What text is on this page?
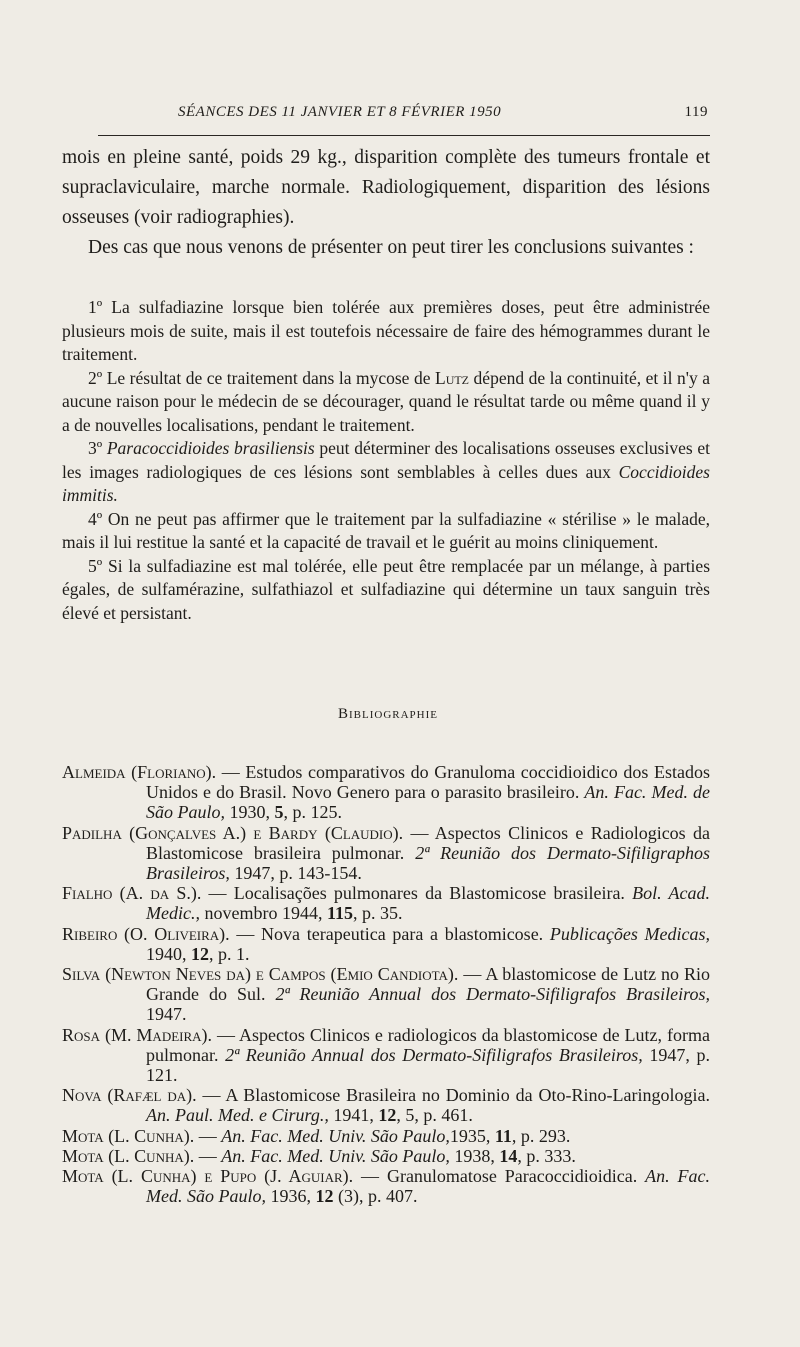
SÉANCES DES 11 JANVIER ET 8 FÉVRIER 1950	119

mois en pleine santé, poids 29 kg., disparition complète des tumeurs frontale et supraclaviculaire, marche normale. Radiologiquement, disparition des lésions osseuses (voir radiographies).

Des cas que nous venons de présenter on peut tirer les conclusions suivantes :

1º La sulfadiazine lorsque bien tolérée aux premières doses, peut être administrée plusieurs mois de suite, mais il est toutefois nécessaire de faire des hémogrammes durant le traitement.

2º Le résultat de ce traitement dans la mycose de Lutz dépend de la continuité, et il n'y a aucune raison pour le médecin de se décourager, quand le résultat tarde ou même quand il y a de nouvelles localisations, pendant le traitement.

3º Paracoccidioides brasiliensis peut déterminer des localisations osseuses exclusives et les images radiologiques de ces lésions sont semblables à celles dues aux Coccidioides immitis.

4º On ne peut pas affirmer que le traitement par la sulfadiazine « stérilise » le malade, mais il lui restitue la santé et la capacité de travail et le guérit au moins cliniquement.

5º Si la sulfadiazine est mal tolérée, elle peut être remplacée par un mélange, à parties égales, de sulfamérazine, sulfathiazol et sulfadiazine qui détermine un taux sanguin très élevé et persistant.

Bibliographie

Almeida (Floriano). — Estudos comparativos do Granuloma coccidioidico dos Estados Unidos e do Brasil. Novo Genero para o parasito brasileiro. An. Fac. Med. de São Paulo, 1930, 5, p. 125.

Padilha (Gonçalves A.) e Bardy (Claudio). — Aspectos Clinicos e Radiologicos da Blastomicose brasileira pulmonar. 2ª Reunião dos Dermato-Sifiligraphos Brasileiros, 1947, p. 143-154.

Fialho (A. da S.). — Localisações pulmonares da Blastomicose brasileira. Bol. Acad. Medic., novembro 1944, 115, p. 35.

Ribeiro (O. Oliveira). — Nova terapeutica para a blastomicose. Publicações Medicas, 1940, 12, p. 1.

Silva (Newton Neves da) e Campos (Emio Candiota). — A blastomicose de Lutz no Rio Grande do Sul. 2ª Reunião Annual dos Dermato-Sifiligrafos Brasileiros, 1947.

Rosa (M. Madeira). — Aspectos Clinicos e radiologicos da blastomicose de Lutz, forma pulmonar. 2ª Reunião Annual dos Dermato-Sifiligrafos Brasileiros, 1947, p. 121.

Nova (Rafæl da). — A Blastomicose Brasileira no Dominio da Oto-Rino-Laringologia. An. Paul. Med. e Cirurg., 1941, 12, 5, p. 461.

Mota (L. Cunha). — An. Fac. Med. Univ. São Paulo,1935, 11, p. 293.

Mota (L. Cunha). — An. Fac. Med. Univ. São Paulo, 1938, 14, p. 333.

Mota (L. Cunha) e Pupo (J. Aguiar). — Granulomatose Paracoccidioidica. An. Fac. Med. São Paulo, 1936, 12 (3), p. 407.
